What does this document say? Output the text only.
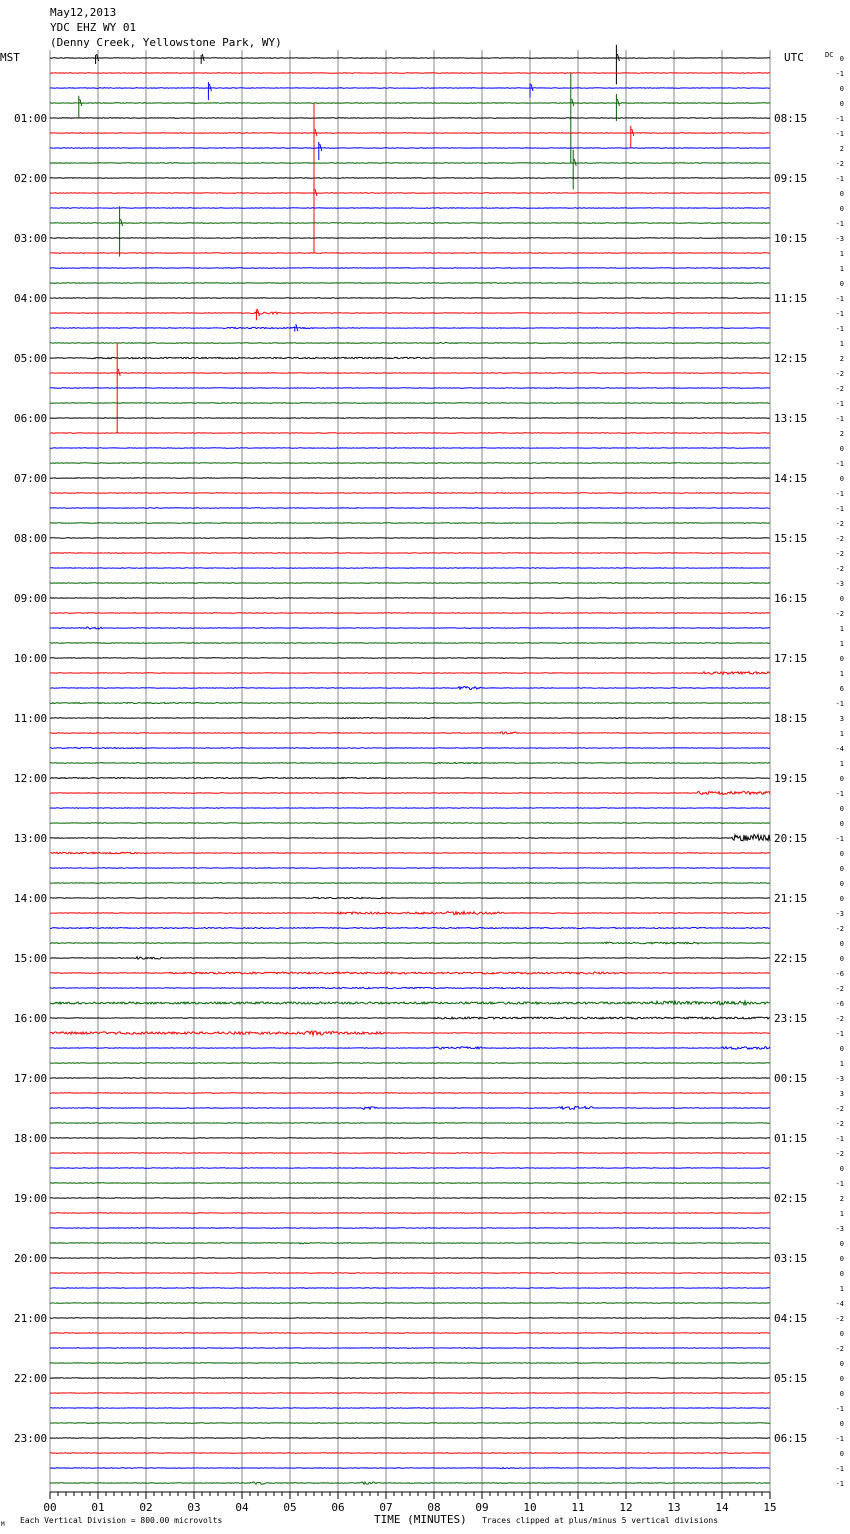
May12,2013
YDC EHZ WY 01
(Denny Creek, Yellowstone Park, WY)
MST	UTC	DC
01:00
02:00
03:00
04:00
05:00
06:00
07:00
08:00
09:00
10:00
11:00
12:00
13:00
14:00
15:00
16:00
17:00
18:00
19:00
20:00
21:00
22:00
23:00
08:15
09:15
10:15
11:15
12:15
13:15
14:15
15:15
16:15
17:15
18:15
19:15
20:15
21:15
22:15
23:15
00:15
01:15
02:15
03:15
04:15
05:15
06:15
0
-1
0
0
-1
-1
2
-2
-1
0
0
-1
-3
1
1
0
-1
-1
-1
1
2
-2
-2
-1
-1
2
0
-1
0
-1
-1
-2
-2
-2
-2
-3
0
-2
1
1
0
1
6
-1
3
1
-4
1
0
-1
0
0
-1
0
0
0
0
-3
-2
0
0
-6
-2
-6
-2
-1
0
1
-3
3
-2
-2
-1
-2
0
-1
2
1
-3
0
0
0
1
-4
-2
0
-2
0
0
0
-1
0
-1
0
-1
-1
00	01	02	03	04	05	06	07	08	09	10	11	12	13	14	15
M Each Vertical Division = 800.00 microvolts	TIME (MINUTES) Traces clipped at plus/minus 5 vertical divisions
